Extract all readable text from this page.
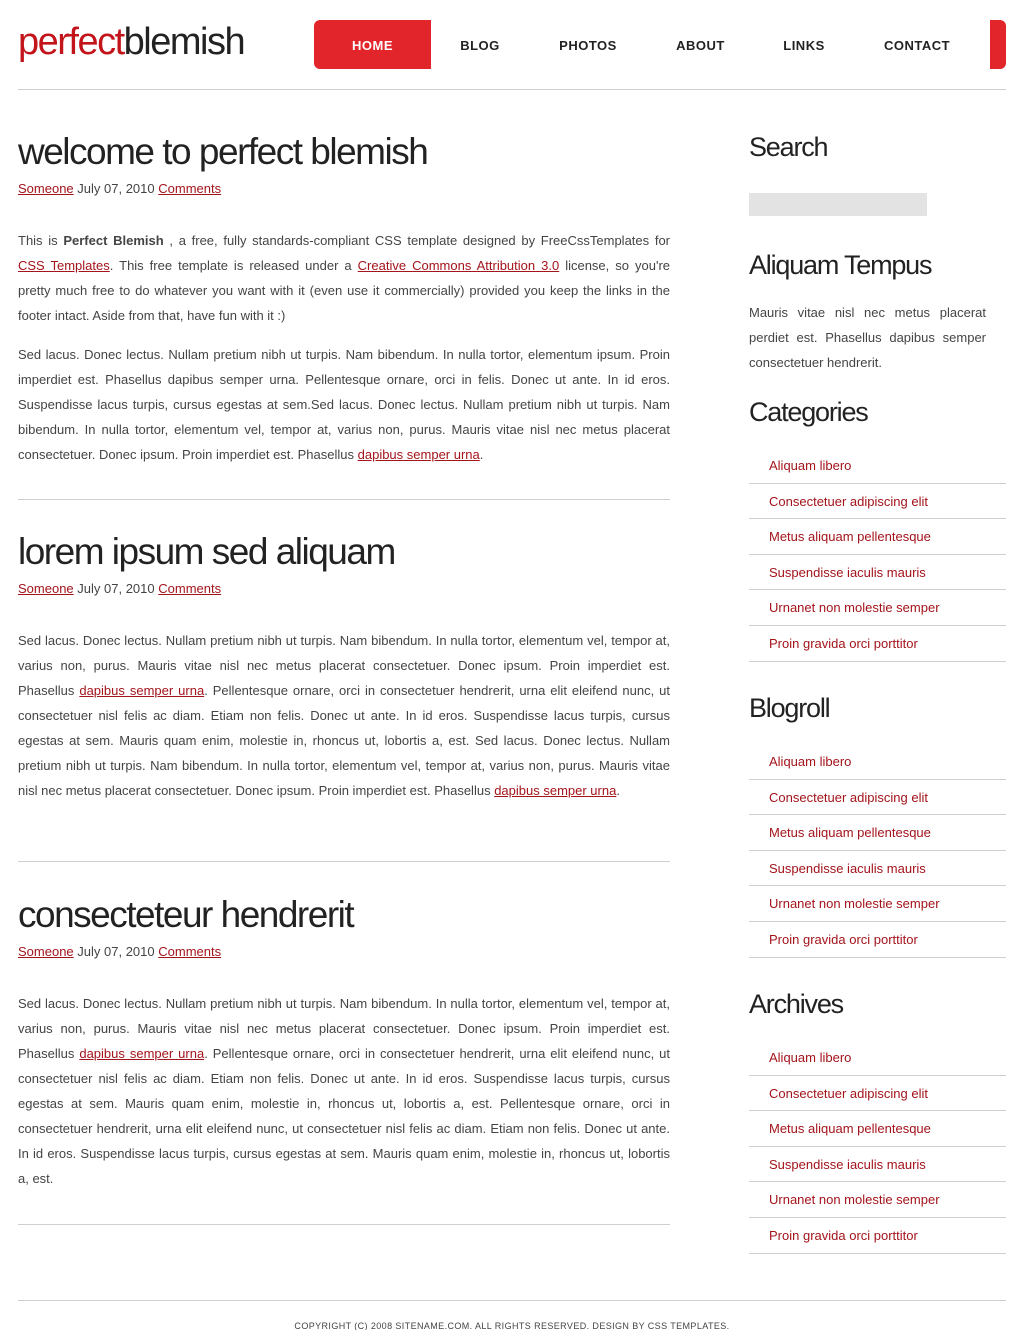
perfectblemish	HOME	BLOG	PHOTOS	ABOUT	LINKS	CONTACT
welcome to perfect blemish
Someone July 07, 2010 Comments

This is Perfect Blemish , a free, fully standards-compliant CSS template designed by FreeCssTemplates for CSS Templates. This free template is released under a Creative Commons Attribution 3.0 license, so you're pretty much free to do whatever you want with it (even use it commercially) provided you keep the links in the footer intact. Aside from that, have fun with it :)

Sed lacus. Donec lectus. Nullam pretium nibh ut turpis. Nam bibendum. In nulla tortor, elementum ipsum. Proin imperdiet est. Phasellus dapibus semper urna. Pellentesque ornare, orci in felis. Donec ut ante. In id eros. Suspendisse lacus turpis, cursus egestas at sem.Sed lacus. Donec lectus. Nullam pretium nibh ut turpis. Nam bibendum. In nulla tortor, elementum vel, tempor at, varius non, purus. Mauris vitae nisl nec metus placerat consectetuer. Donec ipsum. Proin imperdiet est. Phasellus dapibus semper urna.

lorem ipsum sed aliquam
Someone July 07, 2010 Comments

Sed lacus. Donec lectus. Nullam pretium nibh ut turpis. Nam bibendum. In nulla tortor, elementum vel, tempor at, varius non, purus. Mauris vitae nisl nec metus placerat consectetuer. Donec ipsum. Proin imperdiet est. Phasellus dapibus semper urna. Pellentesque ornare, orci in consectetuer hendrerit, urna elit eleifend nunc, ut consectetuer nisl felis ac diam. Etiam non felis. Donec ut ante. In id eros. Suspendisse lacus turpis, cursus egestas at sem. Mauris quam enim, molestie in, rhoncus ut, lobortis a, est. Sed lacus. Donec lectus. Nullam pretium nibh ut turpis. Nam bibendum. In nulla tortor, elementum vel, tempor at, varius non, purus. Mauris vitae nisl nec metus placerat consectetuer. Donec ipsum. Proin imperdiet est. Phasellus dapibus semper urna.

consecteteur hendrerit
Someone July 07, 2010 Comments

Sed lacus. Donec lectus. Nullam pretium nibh ut turpis. Nam bibendum. In nulla tortor, elementum vel, tempor at, varius non, purus. Mauris vitae nisl nec metus placerat consectetuer. Donec ipsum. Proin imperdiet est. Phasellus dapibus semper urna. Pellentesque ornare, orci in consectetuer hendrerit, urna elit eleifend nunc, ut consectetuer nisl felis ac diam. Etiam non felis. Donec ut ante. In id eros. Suspendisse lacus turpis, cursus egestas at sem. Mauris quam enim, molestie in, rhoncus ut, lobortis a, est. Pellentesque ornare, orci in consectetuer hendrerit, urna elit eleifend nunc, ut consectetuer nisl felis ac diam. Etiam non felis. Donec ut ante. In id eros. Suspendisse lacus turpis, cursus egestas at sem. Mauris quam enim, molestie in, rhoncus ut, lobortis a, est.

Search
Aliquam Tempus
Mauris vitae nisl nec metus placerat perdiet est. Phasellus dapibus semper consectetuer hendrerit.
Categories
Aliquam libero
Consectetuer adipiscing elit
Metus aliquam pellentesque
Suspendisse iaculis mauris
Urnanet non molestie semper
Proin gravida orci porttitor
Blogroll
Aliquam libero
Consectetuer adipiscing elit
Metus aliquam pellentesque
Suspendisse iaculis mauris
Urnanet non molestie semper
Proin gravida orci porttitor
Archives
Aliquam libero
Consectetuer adipiscing elit
Metus aliquam pellentesque
Suspendisse iaculis mauris
Urnanet non molestie semper
Proin gravida orci porttitor
COPYRIGHT (C) 2008 SITENAME.COM. ALL RIGHTS RESERVED. DESIGN BY CSS TEMPLATES.
